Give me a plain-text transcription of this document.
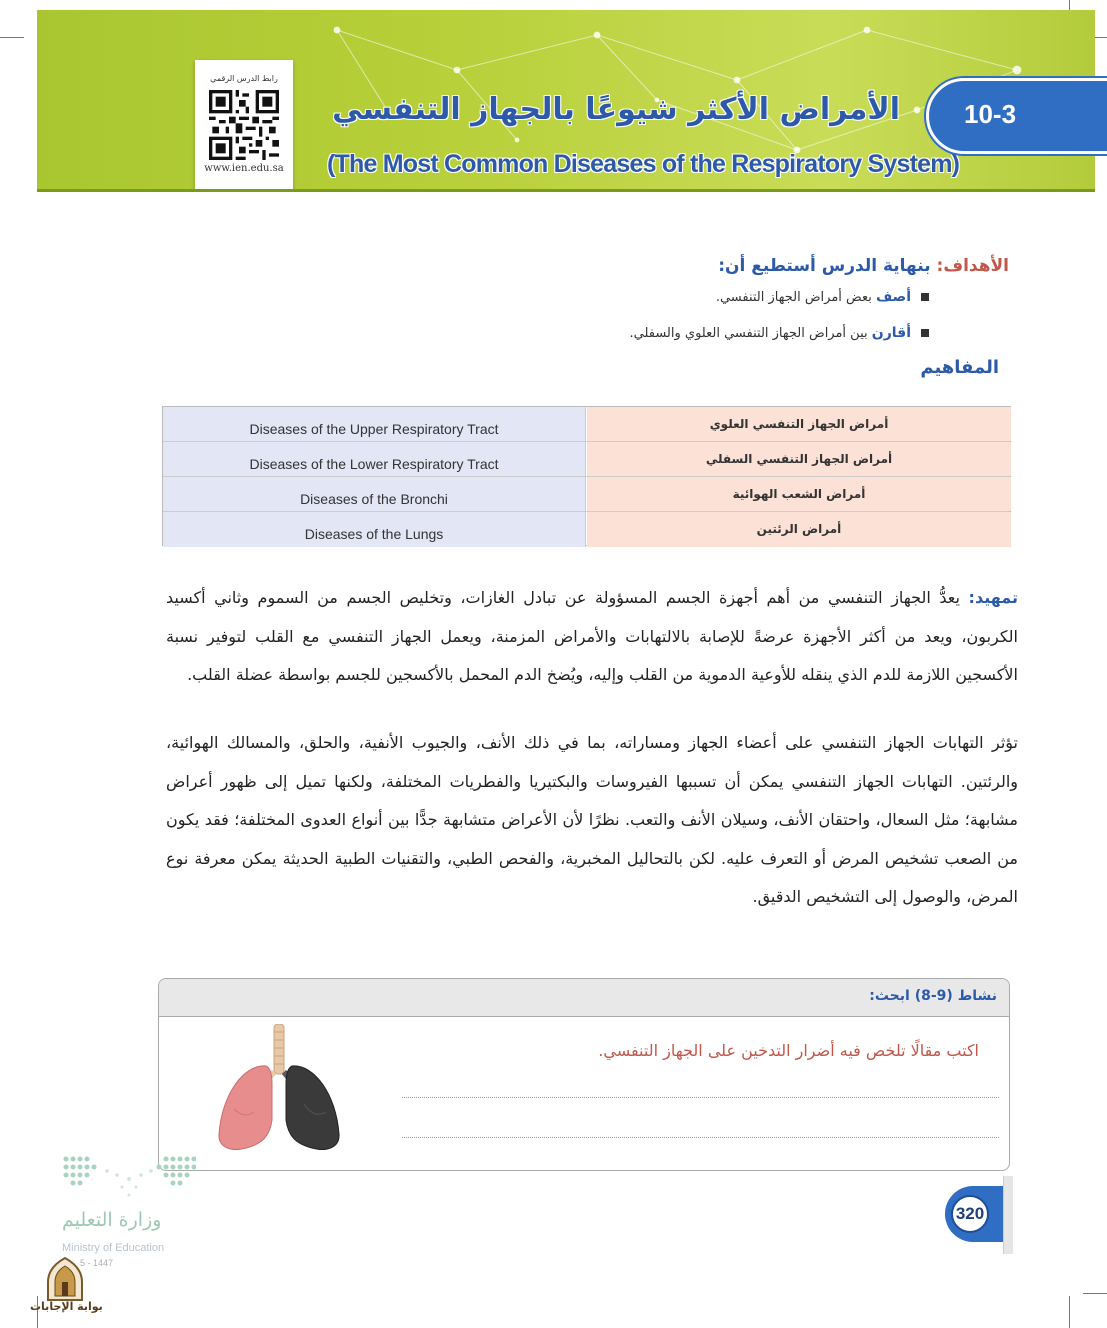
رابط الدرس الرقمي
www.ien.edu.sa
الأمراض الأكثر شيوعًا بالجهاز التنفسي
(The Most Common Diseases of the Respiratory System)
10-3
الأهداف: بنهاية الدرس أستطيع أن:
أصف بعض أمراض الجهاز التنفسي.
أقارن بين أمراض الجهاز التنفسي العلوي والسفلي.
المفاهيم
Diseases of the Upper Respiratory Tract	أمراض الجهاز التنفسي العلوي
Diseases of the Lower Respiratory Tract	أمراض الجهاز التنفسي السفلي
Diseases of the Bronchi	أمراض الشعب الهوائية
Diseases of the Lungs	أمراض الرئتين
تمهيد: يعدُّ الجهاز التنفسي من أهم أجهزة الجسم المسؤولة عن تبادل الغازات، وتخليص الجسم من السموم وثاني أكسيد الكربون، ويعد من أكثر الأجهزة عرضةً للإصابة بالالتهابات والأمراض المزمنة، ويعمل الجهاز التنفسي مع القلب لتوفير نسبة الأكسجين اللازمة للدم الذي ينقله للأوعية الدموية من القلب وإليه، ويُضخ الدم المحمل بالأكسجين للجسم بواسطة عضلة القلب.
تؤثر التهابات الجهاز التنفسي على أعضاء الجهاز ومساراته، بما في ذلك الأنف، والجيوب الأنفية، والحلق، والمسالك الهوائية، والرئتين. التهابات الجهاز التنفسي يمكن أن تسببها الفيروسات والبكتيريا والفطريات المختلفة، ولكنها تميل إلى ظهور أعراض مشابهة؛ مثل السعال، واحتقان الأنف، وسيلان الأنف والتعب. نظرًا لأن الأعراض متشابهة جدًّا بين أنواع العدوى المختلفة؛ فقد يكون من الصعب تشخيص المرض أو التعرف عليه. لكن بالتحاليل المخبرية، والفحص الطبي، والتقنيات الطبية الحديثة يمكن معرفة نوع المرض، والوصول إلى التشخيص الدقيق.
نشاط (9-8) ابحث:
اكتب مقالًا تلخص فيه أضرار التدخين على الجهاز التنفسي.
320
وزارة التعليم
Ministry of Education
5 - 1447
بوابة الإجابات
